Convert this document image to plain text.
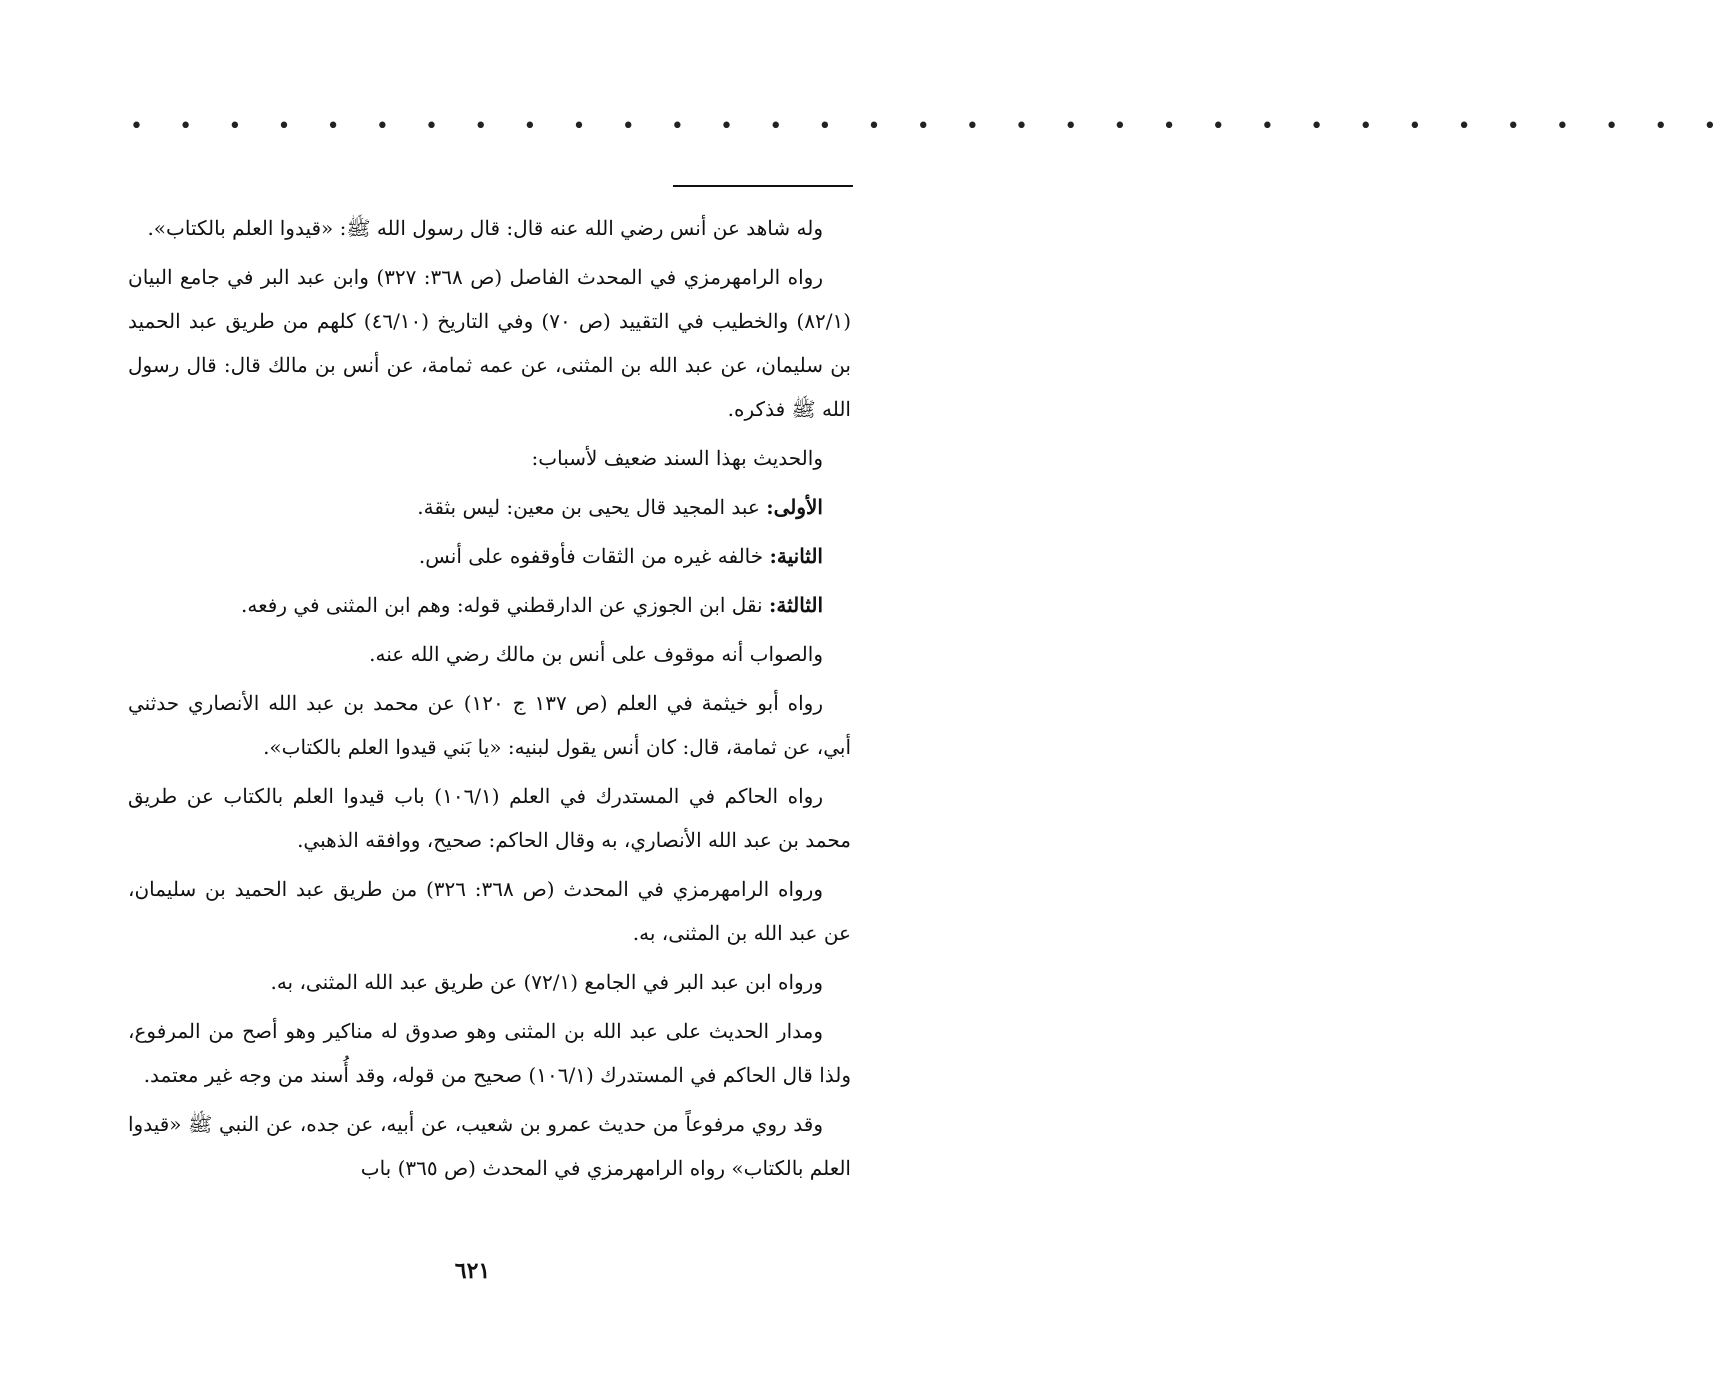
• • • • • • • • • • • • • • • • • • • • • • • • • • • • • • • • •

وله شاهد عن أنس رضي الله عنه قال: قال رسول الله ﷺ: «قيدوا العلم بالكتاب».

رواه الرامهرمزي في المحدث الفاصل (ص ٣٦٨: ٣٢٧) وابن عبد البر في جامع البيان (٨٢/١) والخطيب في التقييد (ص ٧٠) وفي التاريخ (٤٦/١٠) كلهم من طريق عبد الحميد بن سليمان، عن عبد الله بن المثنى، عن عمه ثمامة، عن أنس بن مالك قال: قال رسول الله ﷺ فذكره.

والحديث بهذا السند ضعيف لأسباب:

الأولى: عبد المجيد قال يحيى بن معين: ليس بثقة.

الثانية: خالفه غيره من الثقات فأوقفوه على أنس.

الثالثة: نقل ابن الجوزي عن الدارقطني قوله: وهم ابن المثنى في رفعه.

والصواب أنه موقوف على أنس بن مالك رضي الله عنه.

رواه أبو خيثمة في العلم (ص ١٣٧ ج ١٢٠) عن محمد بن عبد الله الأنصاري حدثني أبي، عن ثمامة، قال: كان أنس يقول لبنيه: «يا بَني قيدوا العلم بالكتاب».

رواه الحاكم في المستدرك في العلم (١٠٦/١) باب قيدوا العلم بالكتاب عن طريق محمد بن عبد الله الأنصاري، به وقال الحاكم: صحيح، ووافقه الذهبي.

ورواه الرامهرمزي في المحدث (ص ٣٦٨: ٣٢٦) من طريق عبد الحميد بن سليمان، عن عبد الله بن المثنى، به.

ورواه ابن عبد البر في الجامع (٧٢/١) عن طريق عبد الله المثنى، به.

ومدار الحديث على عبد الله بن المثنى وهو صدوق له مناكير وهو أصح من المرفوع، ولذا قال الحاكم في المستدرك (١٠٦/١) صحيح من قوله، وقد أُسند من وجه غير معتمد.

وقد روي مرفوعاً من حديث عمرو بن شعيب، عن أبيه، عن جده، عن النبي ﷺ «قيدوا العلم بالكتاب» رواه الرامهرمزي في المحدث (ص ٣٦٥) باب

٦٢١
